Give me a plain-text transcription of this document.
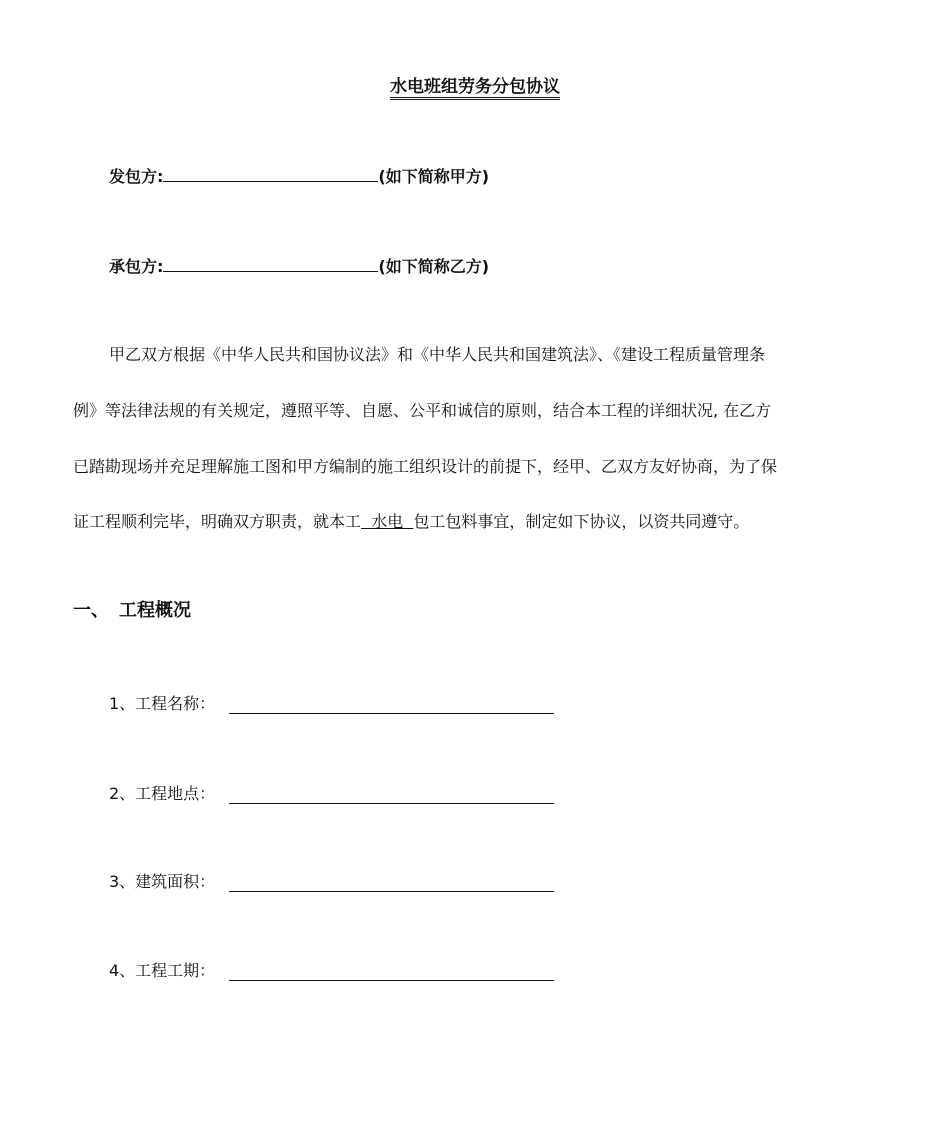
水电班组劳务分包协议
发包方:	(如下简称甲方)
承包方:	(如下简称乙方)
甲乙双方根据《中华人民共和国协议法》和《中华人民共和国建筑法》、《建设工程质量管理条
例》等法律法规的有关规定，遵照平等、自愿、公平和诚信的原则，结合本工程的详细状况, 在乙方
已踏勘现场并充足理解施工图和甲方编制的施工组织设计的前提下，经甲、乙双方友好协商，为了保
证工程顺利完毕，明确双方职责，就本工  水电  包工包料事宜，制定如下协议，以资共同遵守。
一、 工程概况
1、工程名称：
2、工程地点：
3、建筑面积：
4、工程工期：
